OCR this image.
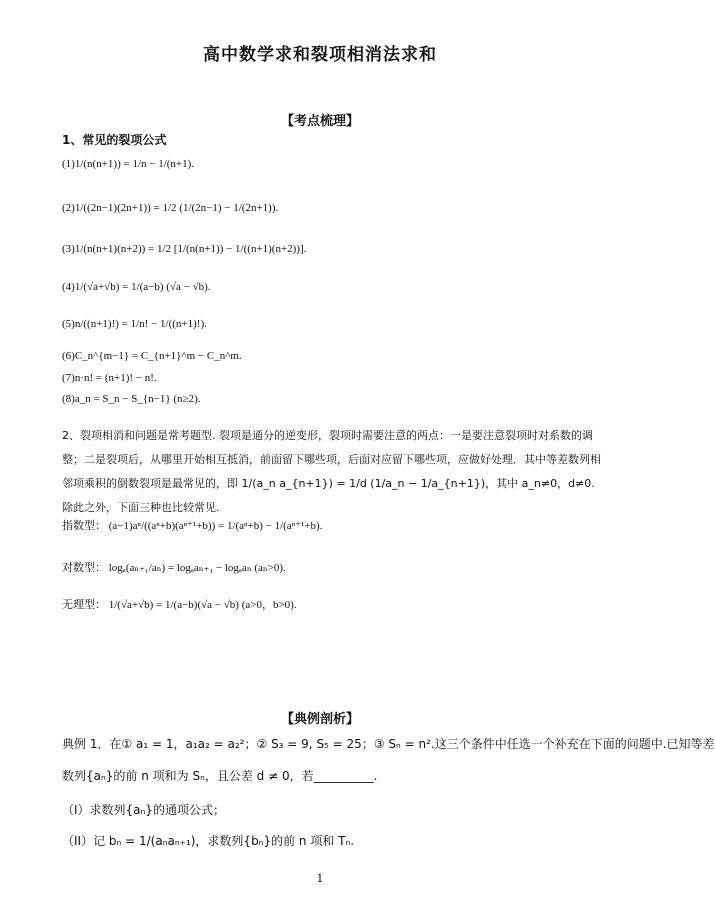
高中数学求和裂项相消法求和
【考点梳理】
1、常见的裂项公式
(1)1/(n(n+1)) = 1/n − 1/(n+1).
(2)1/((2n−1)(2n+1)) = 1/2 (1/(2n−1) − 1/(2n+1)).
(3)1/(n(n+1)(n+2)) = 1/2 [1/(n(n+1)) − 1/((n+1)(n+2))].
(4)1/(√a+√b) = 1/(a−b) (√a − √b).
(5)n/((n+1)!) = 1/n! − 1/((n+1)!).
(6)C_n^{m−1} = C_{n+1}^m − C_n^m.
(7)n·n! = (n+1)! − n!.
(8)a_n = S_n − S_{n−1} (n≥2).
2、裂项相消和问题是常考题型. 裂项是通分的逆变形，裂项时需要注意的两点：一是要注意裂项时对系数的调整；二是裂项后，从哪里开始相互抵消，前面留下哪些项，后面对应留下哪些项，应做好处理．其中等差数列相邻项乘积的倒数裂项是最常见的，即 1/(a_n a_{n+1}) = 1/d (1/a_n − 1/a_{n+1})，其中 a_n≠0，d≠0. 除此之外，下面三种也比较常见.
指数型： (a−1)aⁿ/((aⁿ+b)(aⁿ⁺¹+b)) = 1/(aⁿ+b) − 1/(aⁿ⁺¹+b).
对数型： logₐ(aₙ₊₁/aₙ) = logₐaₙ₊₁ − logₐaₙ (aₙ>0).
无理型： 1/(√a+√b) = 1/(a−b)(√a − √b) (a>0，b>0).
【典例剖析】
典例 1．在① a₁ = 1，a₁a₂ = a₂²；② S₃ = 9, S₅ = 25；③ Sₙ = n².这三个条件中任选一个补充在下面的问题中.已知等差
数列{aₙ}的前 n 项和为 Sₙ，且公差 d ≠ 0，若__________.
（I）求数列{aₙ}的通项公式；
（II）记 bₙ = 1/(aₙaₙ₊₁)，求数列{bₙ}的前 n 项和 Tₙ.
1
